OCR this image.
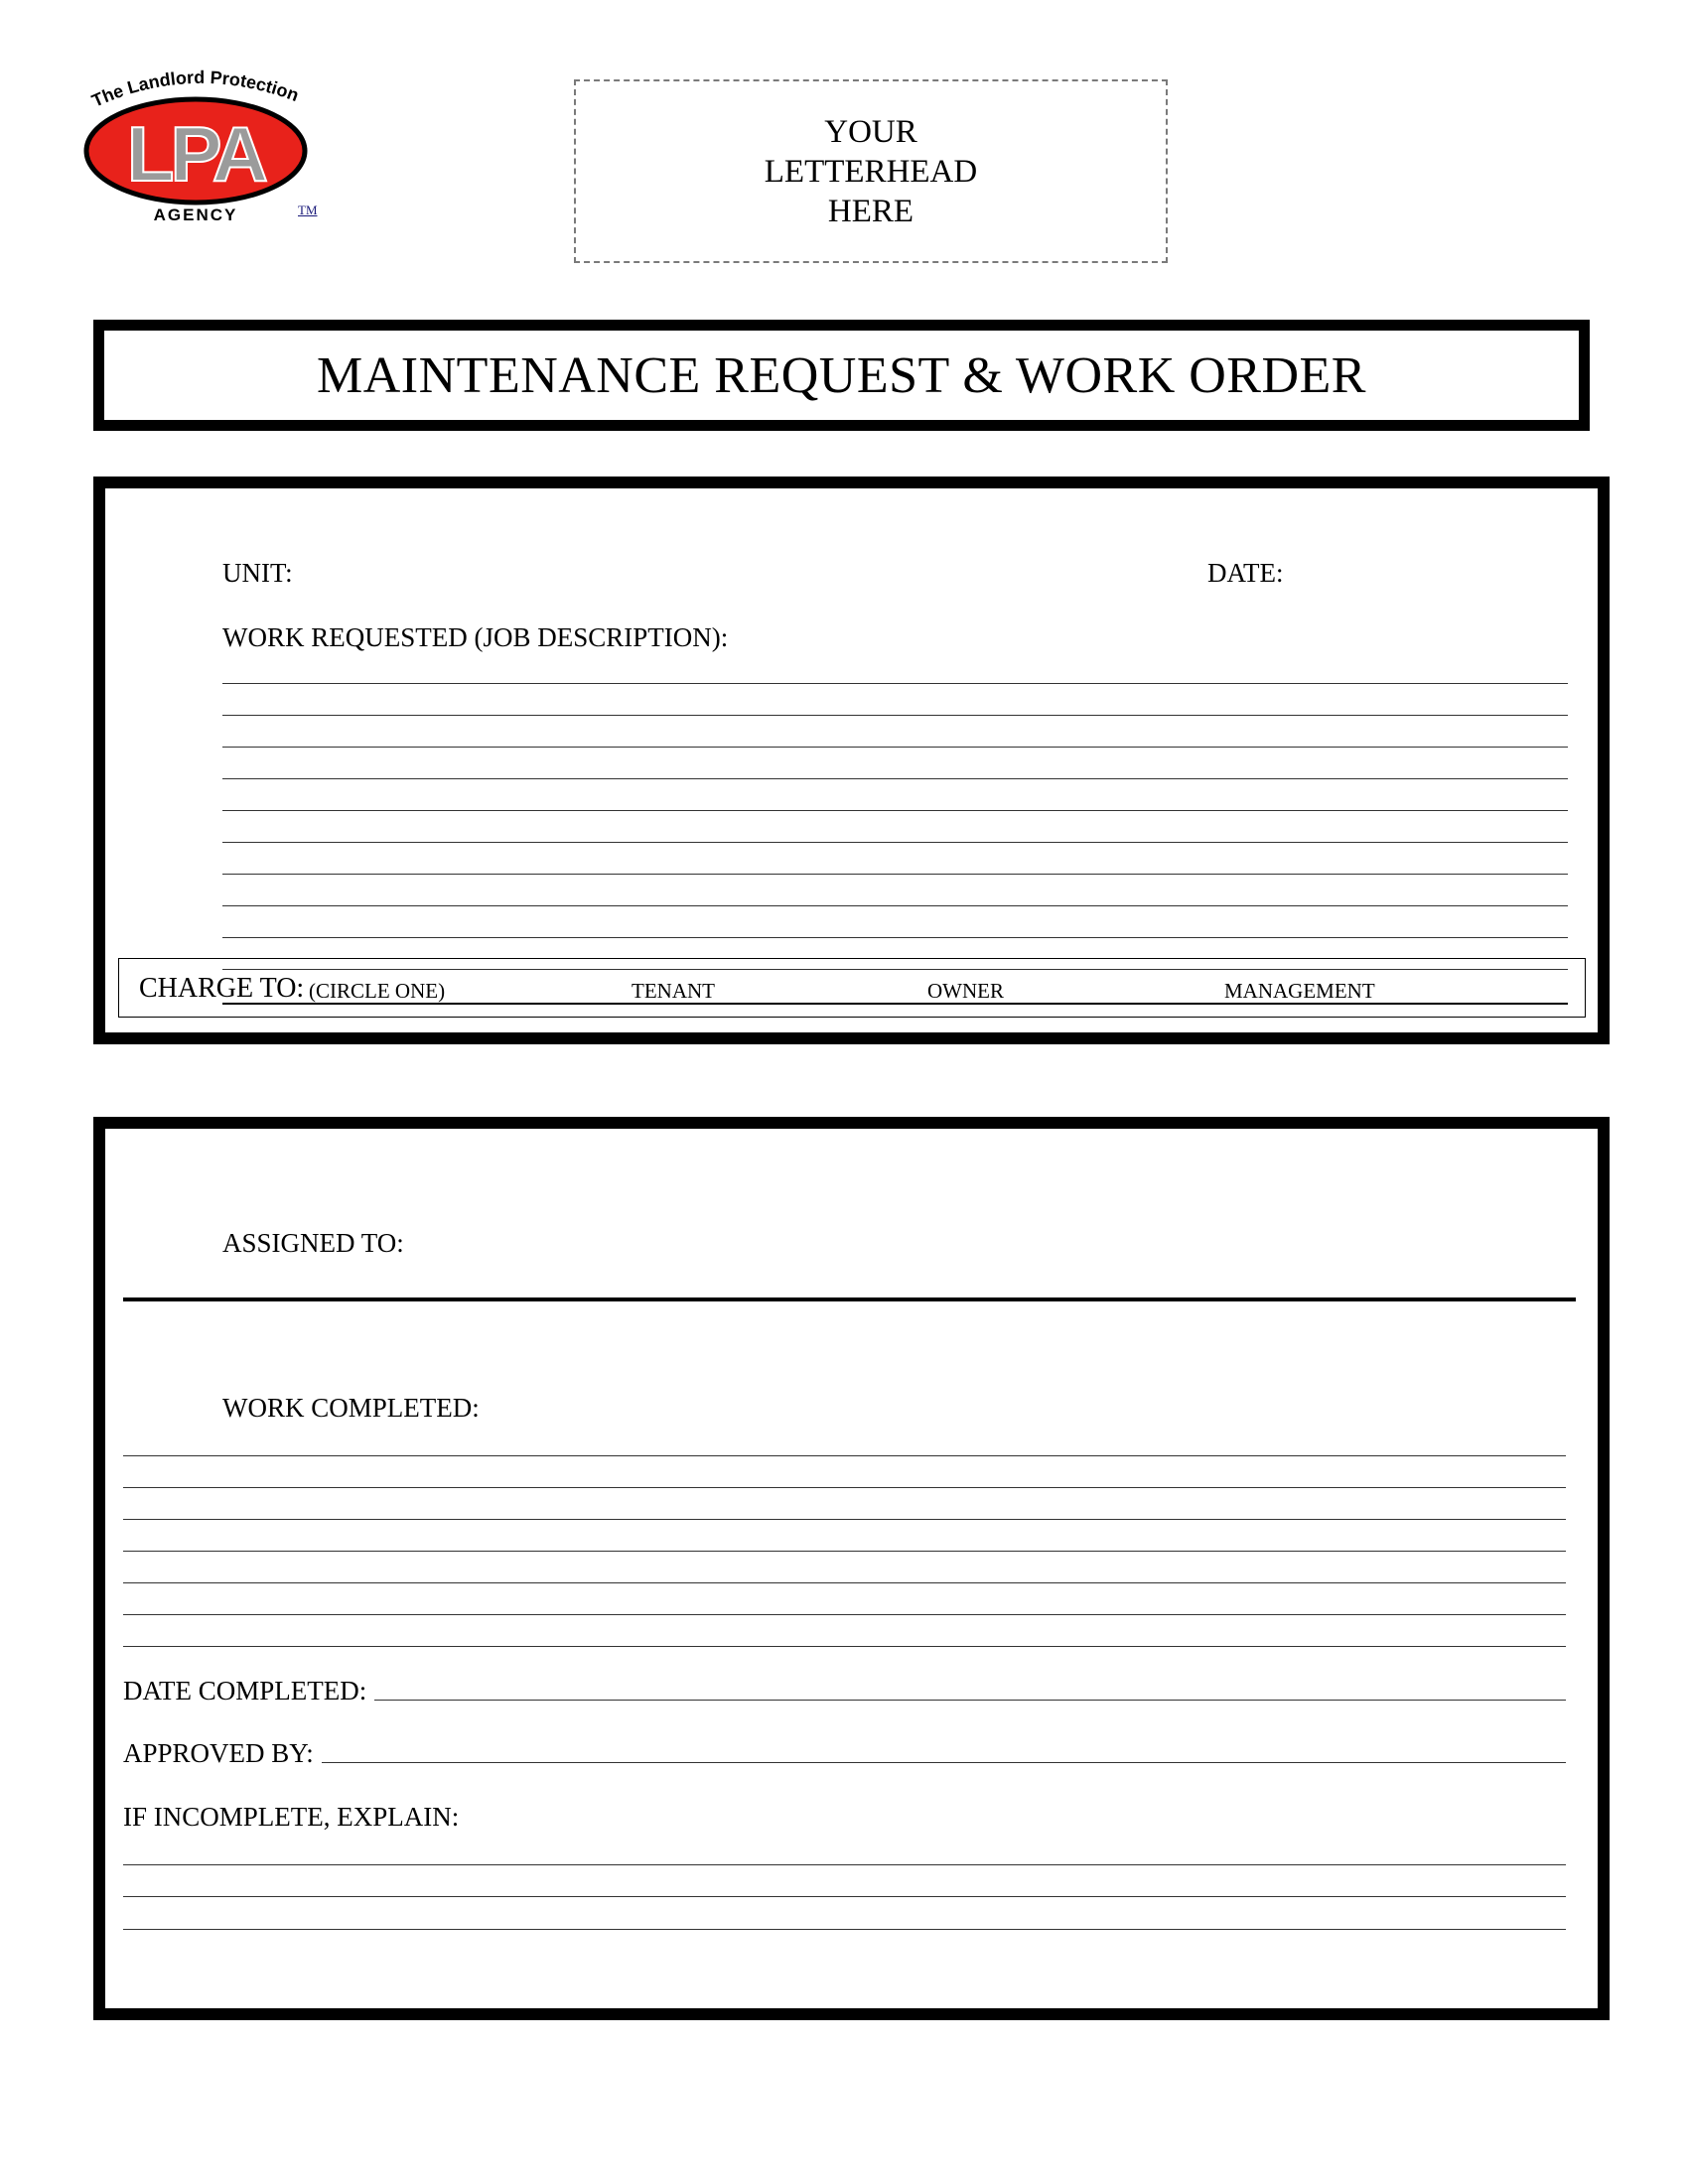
The Landlord Protection
LPA
AGENCY	TM
YOUR
LETTERHEAD
HERE
MAINTENANCE REQUEST & WORK ORDER
UNIT:	DATE:
WORK REQUESTED (JOB DESCRIPTION):
CHARGE TO: (CIRCLE ONE)	TENANT	OWNER	MANAGEMENT
ASSIGNED TO:
WORK COMPLETED:
DATE COMPLETED:
APPROVED BY:
IF INCOMPLETE, EXPLAIN:
